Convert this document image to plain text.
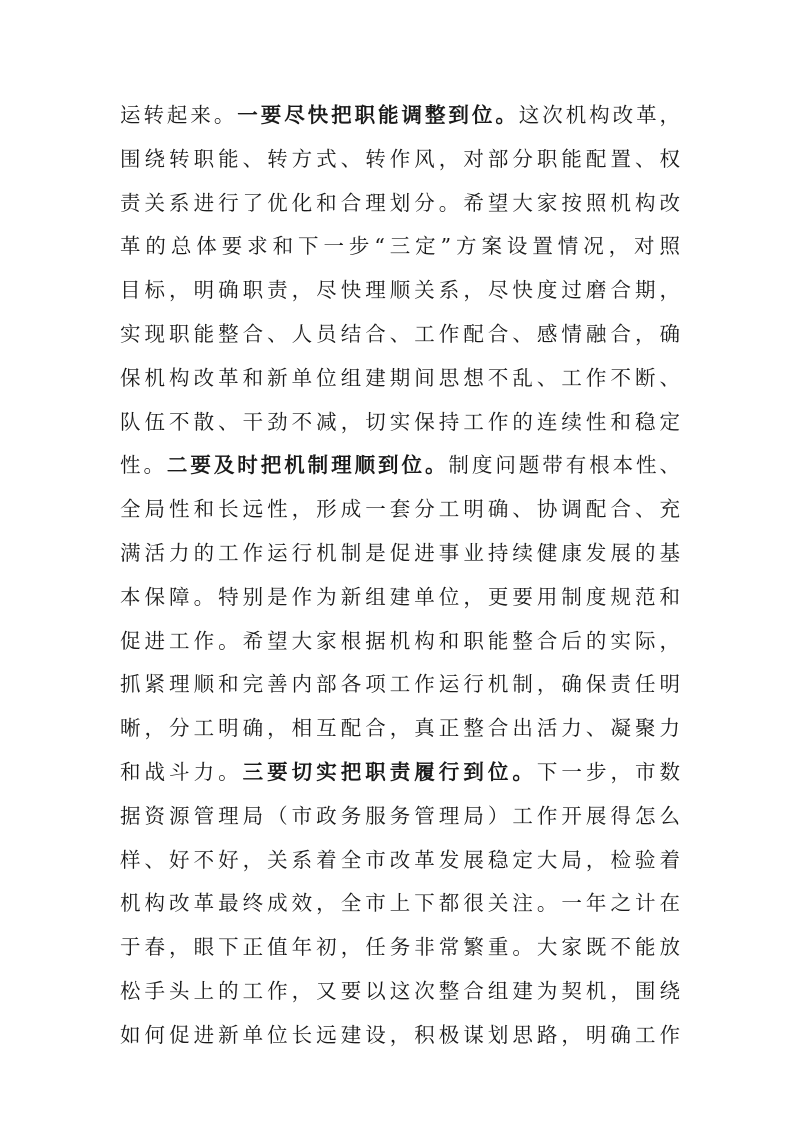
运转起来。一要尽快把职能调整到位。这次机构改革，
围绕转职能、转方式、转作风，对部分职能配置、权
责关系进行了优化和合理划分。希望大家按照机构改
革的总体要求和下一步“三定”方案设置情况，对照
目标，明确职责，尽快理顺关系，尽快度过磨合期，
实现职能整合、人员结合、工作配合、感情融合，确
保机构改革和新单位组建期间思想不乱、工作不断、
队伍不散、干劲不减，切实保持工作的连续性和稳定
性。二要及时把机制理顺到位。制度问题带有根本性、
全局性和长远性，形成一套分工明确、协调配合、充
满活力的工作运行机制是促进事业持续健康发展的基
本保障。特别是作为新组建单位，更要用制度规范和
促进工作。希望大家根据机构和职能整合后的实际，
抓紧理顺和完善内部各项工作运行机制，确保责任明
晰，分工明确，相互配合，真正整合出活力、凝聚力
和战斗力。三要切实把职责履行到位。下一步，市数
据资源管理局（市政务服务管理局）工作开展得怎么
样、好不好，关系着全市改革发展稳定大局，检验着
机构改革最终成效，全市上下都很关注。一年之计在
于春，眼下正值年初，任务非常繁重。大家既不能放
松手头上的工作，又要以这次整合组建为契机，围绕
如何促进新单位长远建设，积极谋划思路，明确工作
